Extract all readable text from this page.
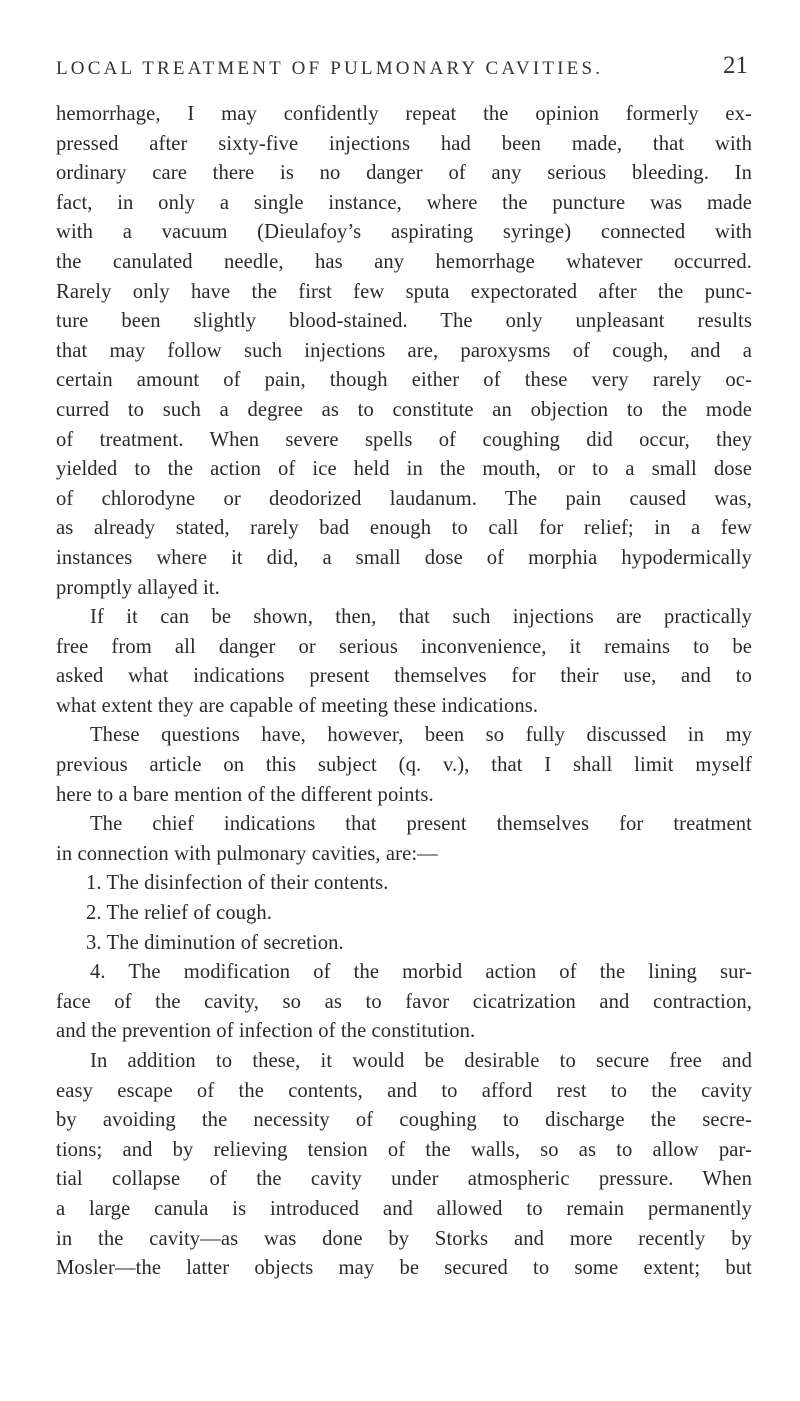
LOCAL TREATMENT OF PULMONARY CAVITIES.	21
hemorrhage, I may confidently repeat the opinion formerly ex-
pressed after sixty-five injections had been made, that with
ordinary care there is no danger of any serious bleeding. In
fact, in only a single instance, where the puncture was made
with a vacuum (Dieulafoy’s aspirating syringe) connected with
the canulated needle, has any hemorrhage whatever occurred.
Rarely only have the first few sputa expectorated after the punc-
ture been slightly blood-stained. The only unpleasant results
that may follow such injections are, paroxysms of cough, and a
certain amount of pain, though either of these very rarely oc-
curred to such a degree as to constitute an objection to the mode
of treatment. When severe spells of coughing did occur, they
yielded to the action of ice held in the mouth, or to a small dose
of chlorodyne or deodorized laudanum. The pain caused was,
as already stated, rarely bad enough to call for relief; in a few
instances where it did, a small dose of morphia hypodermically
promptly allayed it.
If it can be shown, then, that such injections are practically
free from all danger or serious inconvenience, it remains to be
asked what indications present themselves for their use, and to
what extent they are capable of meeting these indications.
These questions have, however, been so fully discussed in my
previous article on this subject (q. v.), that I shall limit myself
here to a bare mention of the different points.
The chief indications that present themselves for treatment
in connection with pulmonary cavities, are:—
1. The disinfection of their contents.
2. The relief of cough.
3. The diminution of secretion.
4. The modification of the morbid action of the lining sur-
face of the cavity, so as to favor cicatrization and contraction,
and the prevention of infection of the constitution.
In addition to these, it would be desirable to secure free and
easy escape of the contents, and to afford rest to the cavity
by avoiding the necessity of coughing to discharge the secre-
tions; and by relieving tension of the walls, so as to allow par-
tial collapse of the cavity under atmospheric pressure. When
a large canula is introduced and allowed to remain permanently
in the cavity—as was done by Storks and more recently by
Mosler—the latter objects may be secured to some extent; but
